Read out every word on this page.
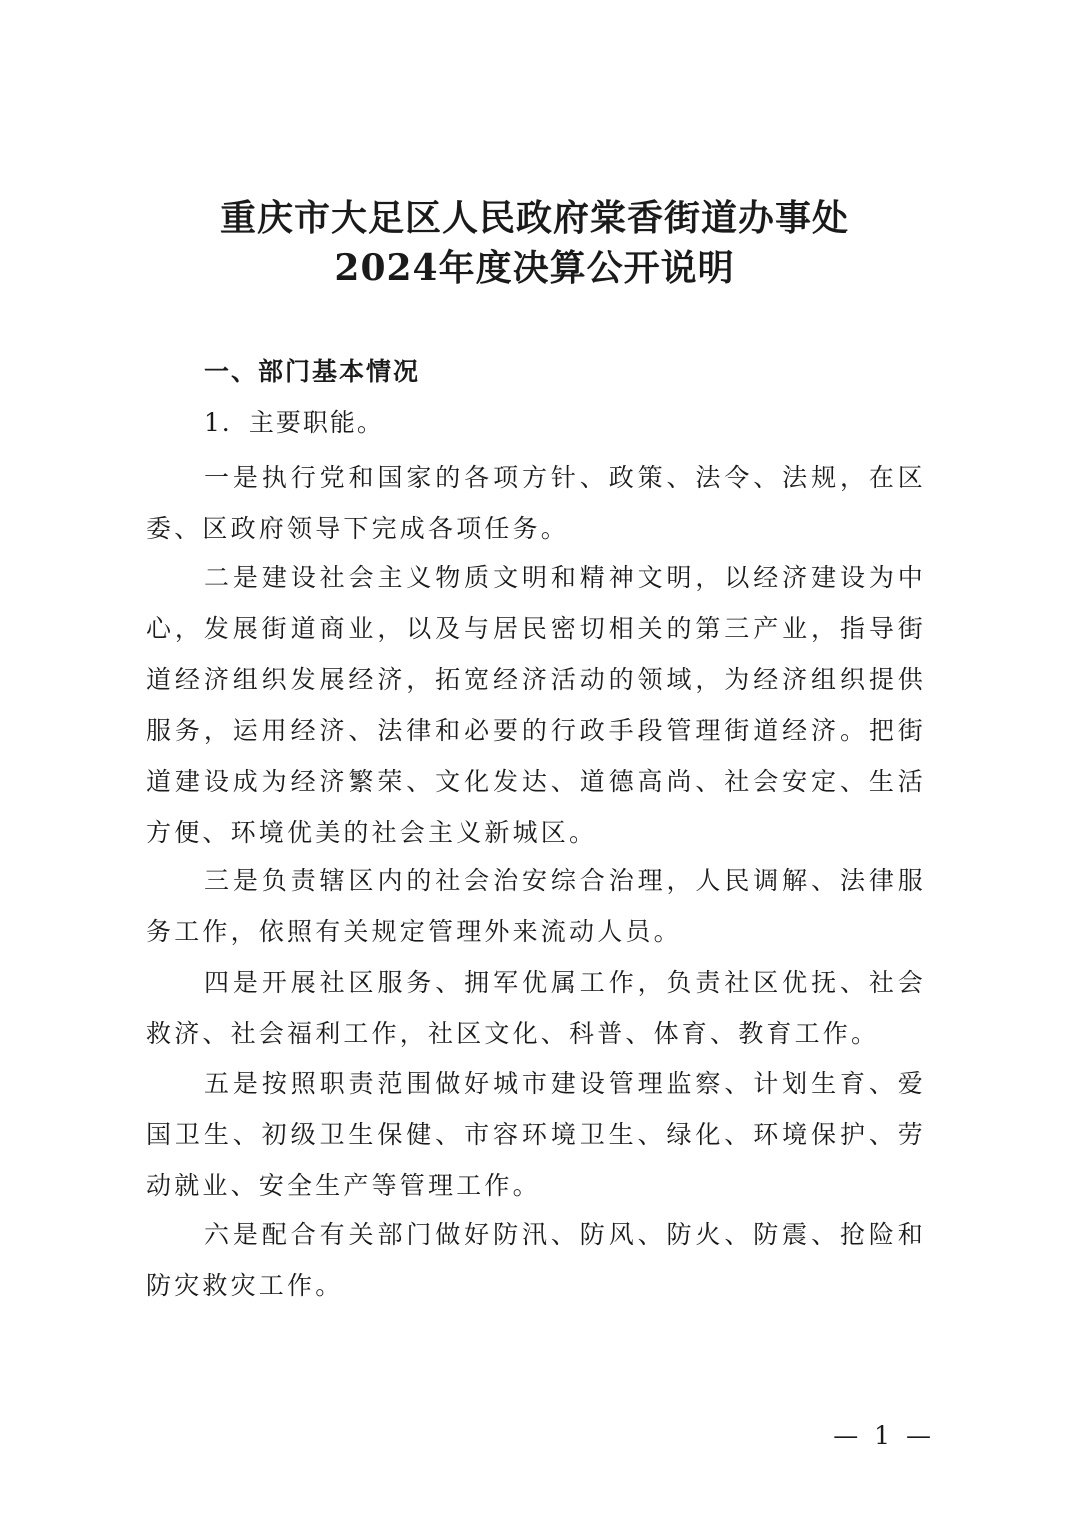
重庆市大足区人民政府棠香街道办事处
2024年度决算公开说明
一、部门基本情况
1．主要职能。

一是执行党和国家的各项方针、政策、法令、法规，在区委、区政府领导下完成各项任务。

二是建设社会主义物质文明和精神文明，以经济建设为中心，发展街道商业，以及与居民密切相关的第三产业，指导街道经济组织发展经济，拓宽经济活动的领域，为经济组织提供服务，运用经济、法律和必要的行政手段管理街道经济。把街道建设成为经济繁荣、文化发达、道德高尚、社会安定、生活方便、环境优美的社会主义新城区。

三是负责辖区内的社会治安综合治理，人民调解、法律服务工作，依照有关规定管理外来流动人员。

四是开展社区服务、拥军优属工作，负责社区优抚、社会救济、社会福利工作，社区文化、科普、体育、教育工作。

五是按照职责范围做好城市建设管理监察、计划生育、爱国卫生、初级卫生保健、市容环境卫生、绿化、环境保护、劳动就业、安全生产等管理工作。

六是配合有关部门做好防汛、防风、防火、防震、抢险和防灾救灾工作。

— 1 —
